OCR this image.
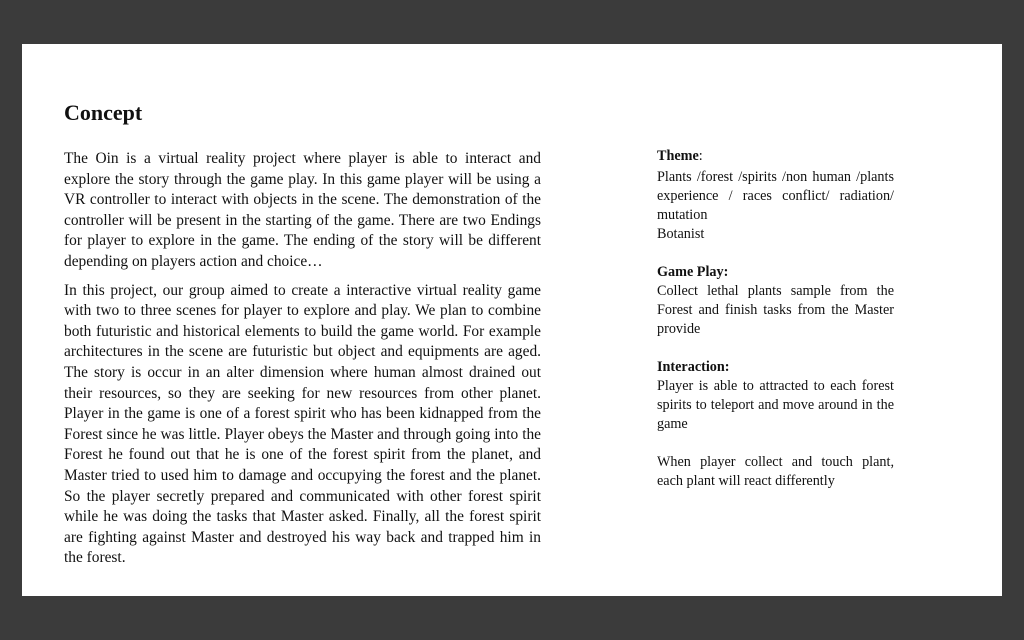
Concept

The Oin is a virtual reality project where player is able to interact and explore the story through the game play. In this game player will be using a VR controller to interact with objects in the scene. The demonstration of the controller will be present in the starting of the game. There are two Endings for player to explore in the game. The ending of the story will be different depending on players action and choice…

In this project, our group aimed to create a interactive virtual reality game with two to three scenes for player to explore and play. We plan to combine both futuristic and historical elements to build the game world. For example architectures in the scene are futuristic but object and equipments are aged. The story is occur in an alter dimension where human almost drained out their resources, so they are seeking for new resources from other planet. Player in the game is one of a forest spirit who has been kidnapped from the Forest since he was little. Player obeys the Master and through going into the Forest he found out that he is one of the forest spirit from the planet, and Master tried to used him to damage and occupying the forest and the planet. So the player secretly prepared and communicated with other forest spirit while he was doing the tasks that Master asked. Finally, all the forest spirit are fighting against Master and destroyed his way back and trapped him in the forest.

Theme:

Plants /forest /spirits /non human /plants experience / races conflict/ radiation/ mutation

Botanist

Game Play:

Collect lethal plants sample from the Forest and finish tasks from the Master provide

Interaction:

Player is able to attracted to each forest spirits to teleport and move around in the game

When player collect and touch plant, each plant will react differently
